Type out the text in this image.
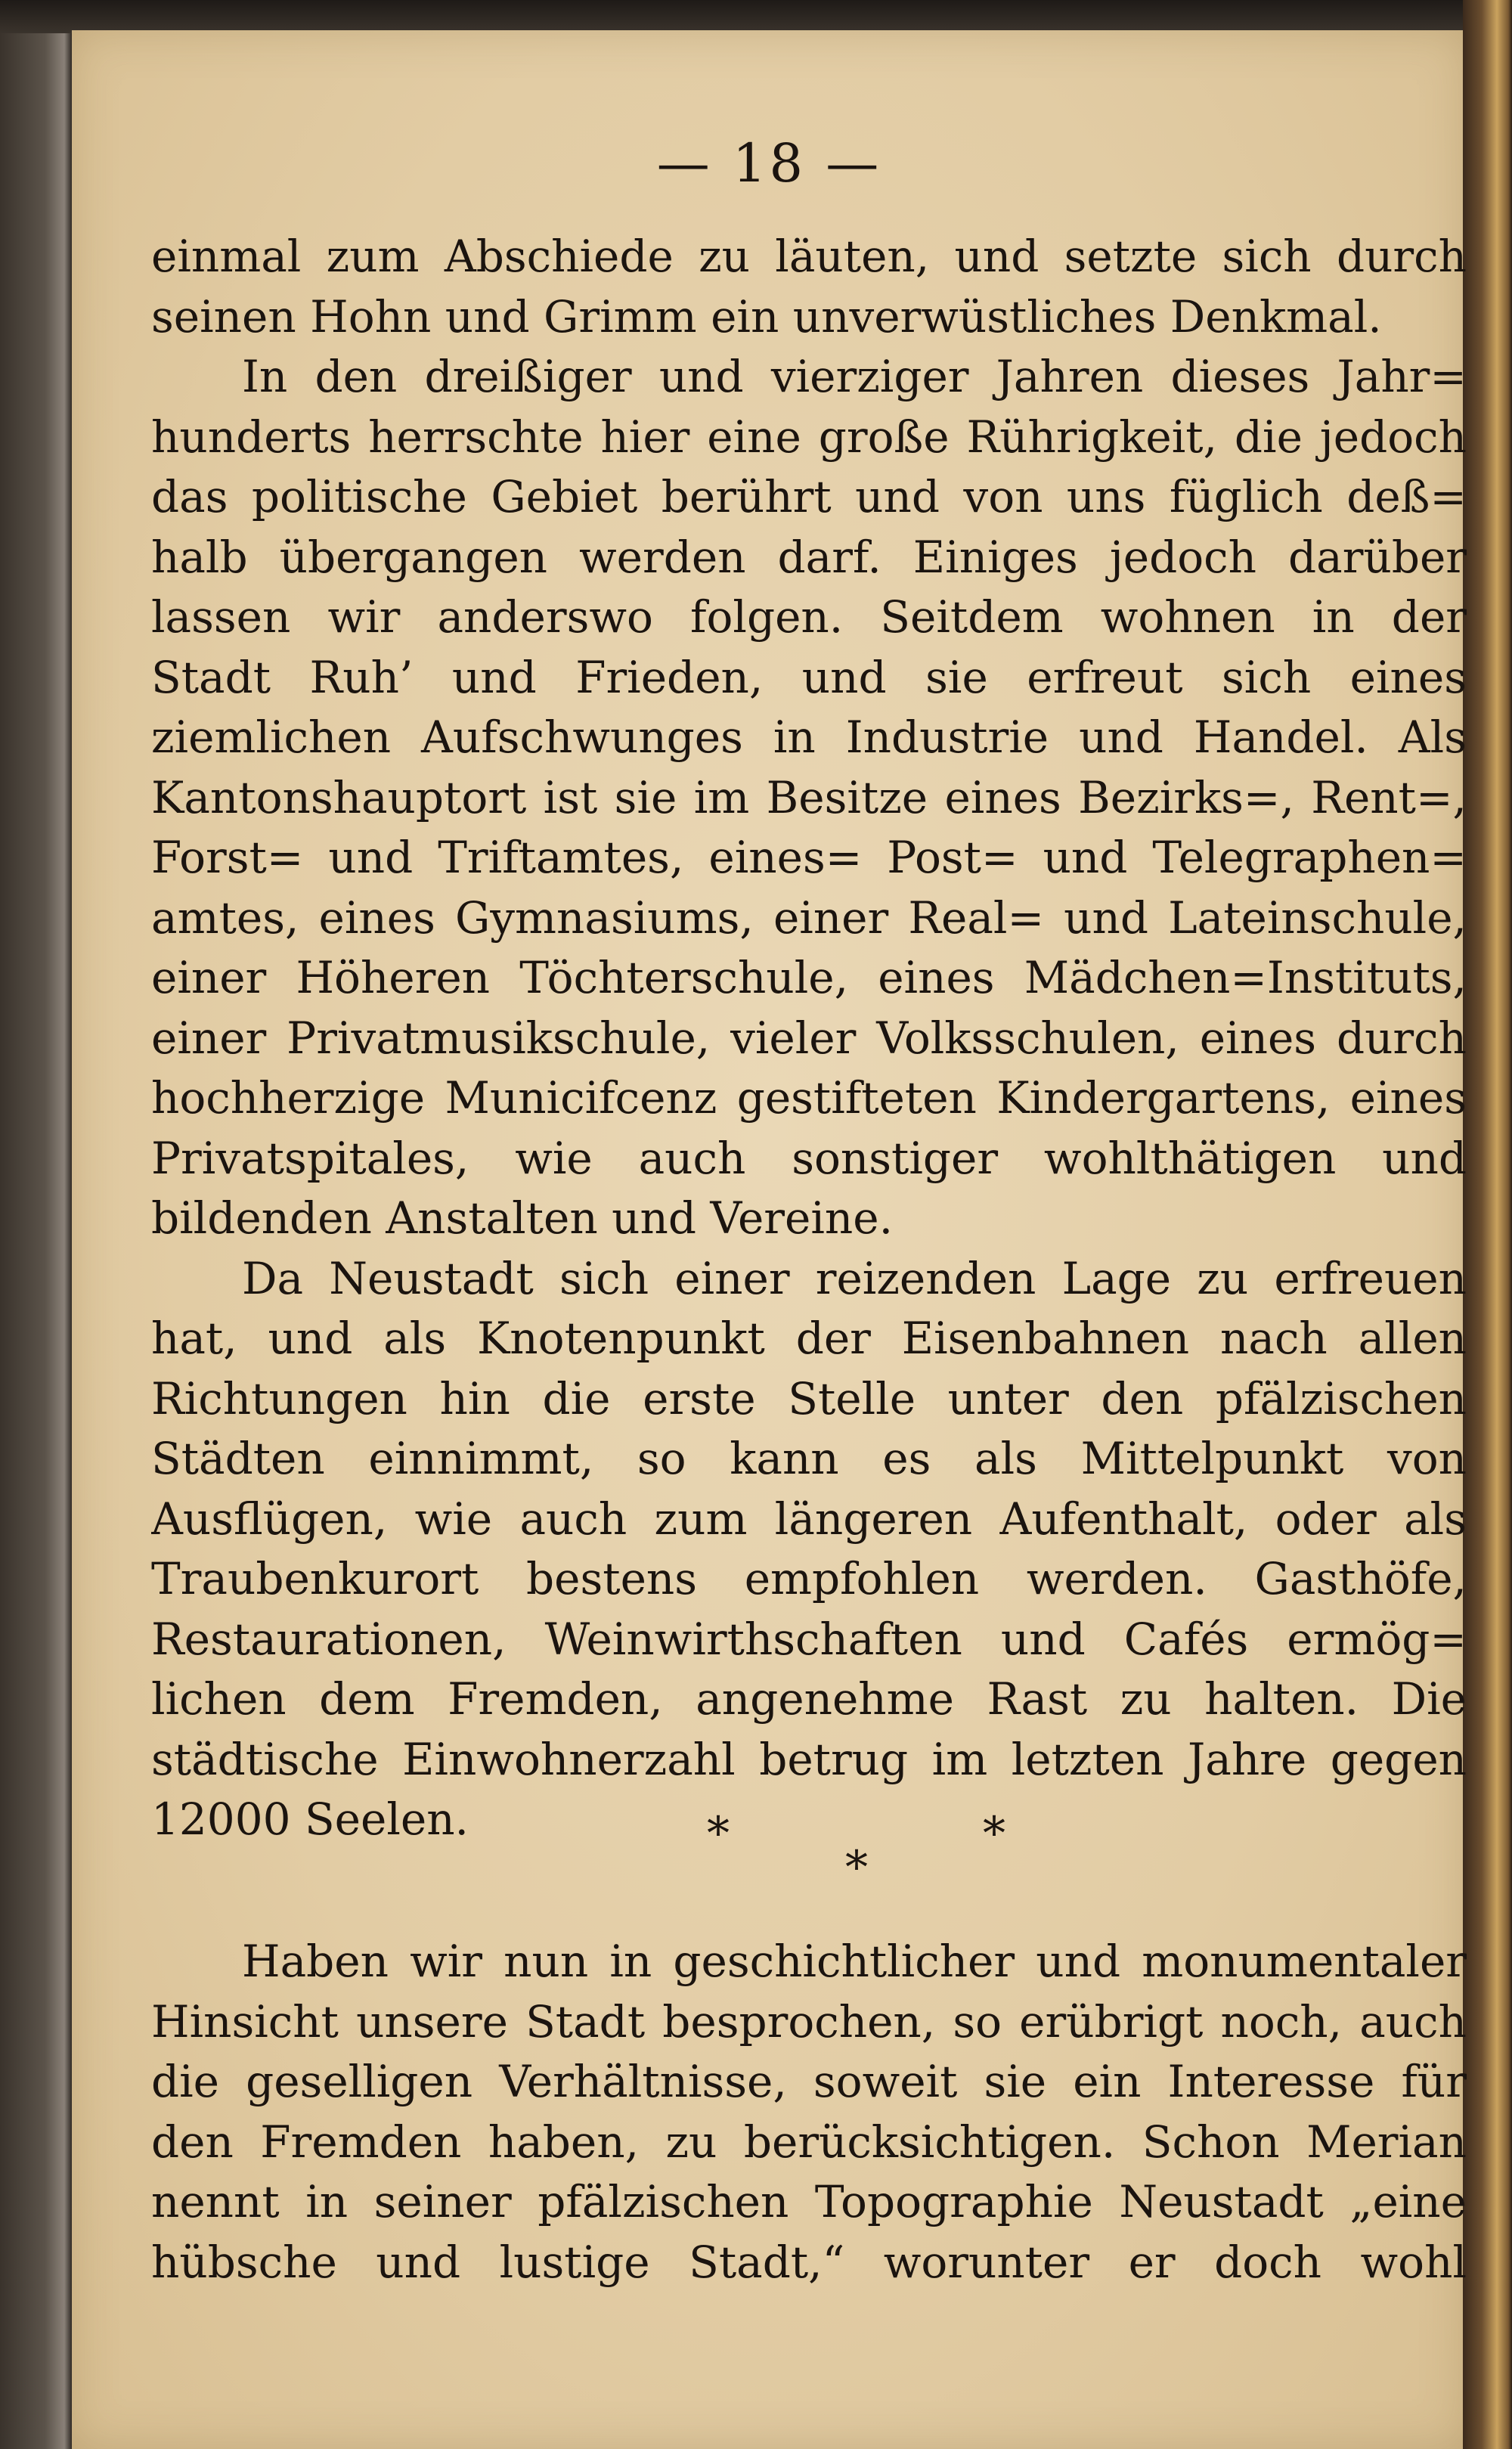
— 18 —
einmal zum Abschiede zu läuten, und setzte sich durch
seinen Hohn und Grimm ein unverwüstliches Denkmal.
In den dreißiger und vierziger Jahren dieses Jahr=
hunderts herrschte hier eine große Rührigkeit, die jedoch
das politische Gebiet berührt und von uns füglich deß=
halb übergangen werden darf. Einiges jedoch darüber
lassen wir anderswo folgen. Seitdem wohnen in der
Stadt Ruh’ und Frieden, und sie erfreut sich eines
ziemlichen Aufschwunges in Industrie und Handel. Als
Kantonshauptort ist sie im Besitze eines Bezirks=, Rent=,
Forst= und Triftamtes, eines= Post= und Telegraphen=
amtes, eines Gymnasiums, einer Real= und Lateinschule,
einer Höheren Töchterschule, eines Mädchen=Instituts,
einer Privatmusikschule, vieler Volksschulen, eines durch
hochherzige Municifcenz gestifteten Kindergartens, eines
Privatspitales, wie auch sonstiger wohlthätigen und
bildenden Anstalten und Vereine.
Da Neustadt sich einer reizenden Lage zu erfreuen
hat, und als Knotenpunkt der Eisenbahnen nach allen
Richtungen hin die erste Stelle unter den pfälzischen
Städten einnimmt, so kann es als Mittelpunkt von
Ausflügen, wie auch zum längeren Aufenthalt, oder als
Traubenkurort bestens empfohlen werden. Gasthöfe,
Restaurationen, Weinwirthschaften und Cafés ermög=
lichen dem Fremden, angenehme Rast zu halten. Die
städtische Einwohnerzahl betrug im letzten Jahre gegen
12000 Seelen.	*	*
*
Haben wir nun in geschichtlicher und monumentaler
Hinsicht unsere Stadt besprochen, so erübrigt noch, auch
die geselligen Verhältnisse, soweit sie ein Interesse für
den Fremden haben, zu berücksichtigen. Schon Merian
nennt in seiner pfälzischen Topographie Neustadt „eine
hübsche und lustige Stadt,“ worunter er doch wohl
